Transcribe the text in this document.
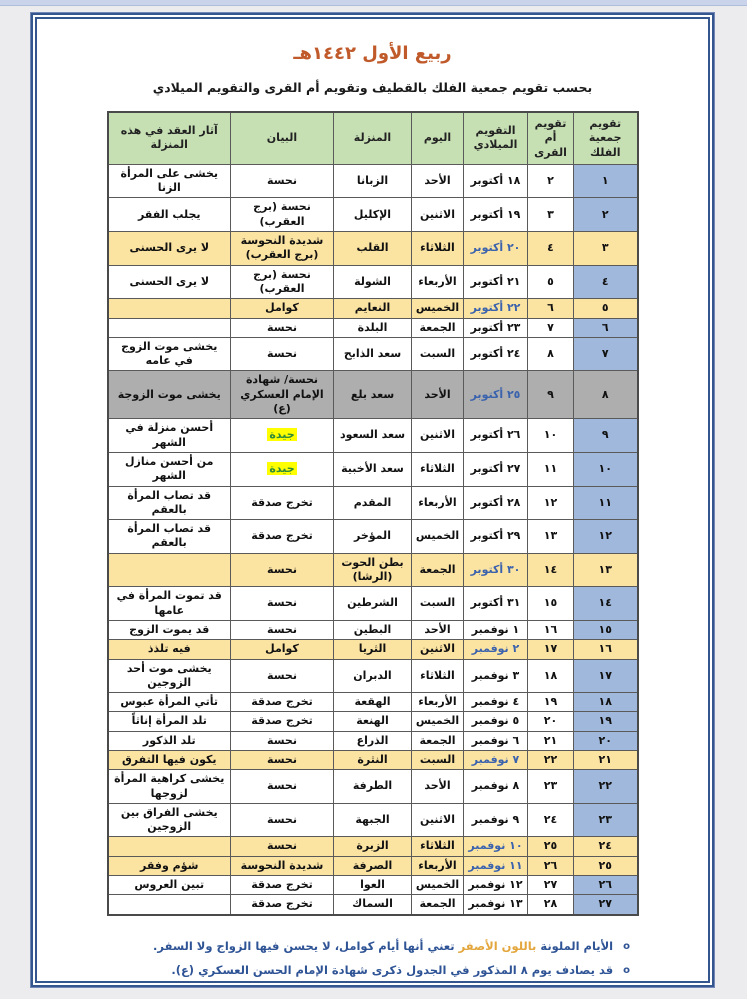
ربيع الأول ١٤٤٢هـ
بحسب تقويم جمعية الفلك بالقطيف وتقويم أم القرى والتقويم الميلادي
تقويم جمعية الفلك	تقويم أم القرى	التقويم الميلادي	اليوم	المنزلة	البيان	آثار العقد في هذه المنزلة
١	٢	١٨ أكتوبر	الأحد	الزبانا	نحسة	يخشى على المرأة الزنا
٢	٣	١٩ أكتوبر	الاثنين	الإكليل	نحسة (برج العقرب)	يجلب الفقر
٣	٤	٢٠ أكتوبر	الثلاثاء	القلب	شديدة النحوسة (برج العقرب)	لا يرى الحسنى
٤	٥	٢١ أكتوبر	الأربعاء	الشولة	نحسة (برج العقرب)	لا يرى الحسنى
٥	٦	٢٢ أكتوبر	الخميس	النعايم	كوامل	
٦	٧	٢٣ أكتوبر	الجمعة	البلدة	نحسة	
٧	٨	٢٤ أكتوبر	السبت	سعد الذابح	نحسة	يخشى موت الزوج في عامه
٨	٩	٢٥ أكتوبر	الأحد	سعد بلع	نحسة/ شهادة الإمام العسكري (ع)	يخشى موت الزوجة
٩	١٠	٢٦ أكتوبر	الاثنين	سعد السعود	جيدة	أحسن منزلة في الشهر
١٠	١١	٢٧ أكتوبر	الثلاثاء	سعد الأخبية	جيدة	من أحسن منازل الشهر
١١	١٢	٢٨ أكتوبر	الأربعاء	المقدم	تخرج صدقة	قد تصاب المرأة بالعقم
١٢	١٣	٢٩ أكتوبر	الخميس	المؤخر	تخرج صدقة	قد تصاب المرأة بالعقم
١٣	١٤	٣٠ أكتوبر	الجمعة	بطن الحوت (الرشا)	نحسة	
١٤	١٥	٣١ أكتوبر	السبت	الشرطين	نحسة	قد تموت المرأة في عامها
١٥	١٦	١ نوفمبر	الأحد	البطين	نحسة	قد يموت الزوج
١٦	١٧	٢ نوفمبر	الاثنين	الثريا	كوامل	فيه تلذذ
١٧	١٨	٣ نوفمبر	الثلاثاء	الدبران	نحسة	يخشى موت أحد الزوجين
١٨	١٩	٤ نوفمبر	الأربعاء	الهقعة	تخرج صدقة	تأتي المرأة عبوس
١٩	٢٠	٥ نوفمبر	الخميس	الهنعة	تخرج صدقة	تلد المرأة إناثاً
٢٠	٢١	٦ نوفمبر	الجمعة	الذراع	نحسة	تلد الذكور
٢١	٢٢	٧ نوفمبر	السبت	النثرة	نحسة	يكون فيها التفرق
٢٢	٢٣	٨ نوفمبر	الأحد	الطرفة	نحسة	يخشى كراهية المرأة لزوجها
٢٣	٢٤	٩ نوفمبر	الاثنين	الجبهة	نحسة	يخشى الفراق بين الزوجين
٢٤	٢٥	١٠ نوفمبر	الثلاثاء	الزبرة	نحسة	
٢٥	٢٦	١١ نوفمبر	الأربعاء	الصرفة	شديدة النحوسة	شؤم وفقر
٢٦	٢٧	١٢ نوفمبر	الخميس	العوا	تخرج صدقة	تبين العروس
٢٧	٢٨	١٣ نوفمبر	الجمعة	السماك	تخرج صدقة	
o
الأيام الملونة باللون الأصفر تعني أنها أيام كوامل، لا يحسن فيها الزواج ولا السفر.
o
قد يصادف يوم ٨ المذكور في الجدول ذكرى شهادة الإمام الحسن العسكري (ع).
